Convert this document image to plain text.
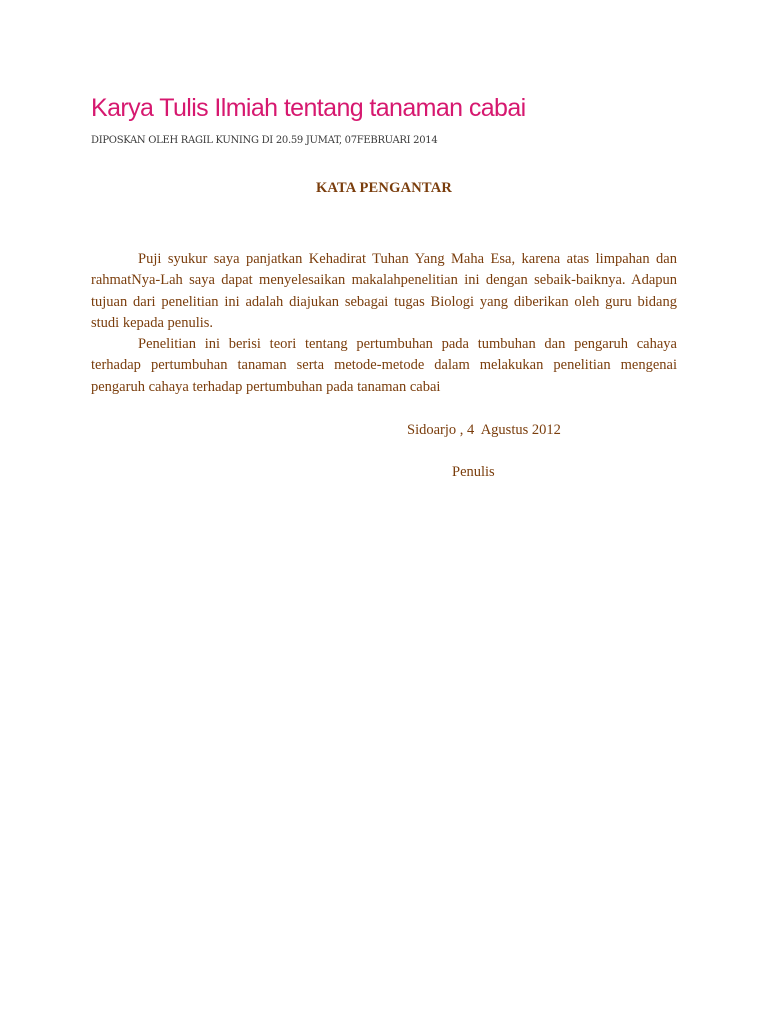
Karya Tulis Ilmiah tentang tanaman cabai
DIPOSKAN OLEH RAGIL KUNING DI 20.59 JUMAT, 07FEBRUARI 2014
KATA PENGANTAR

Puji syukur saya panjatkan Kehadirat Tuhan Yang Maha Esa, karena atas limpahan dan rahmatNya-Lah saya dapat menyelesaikan makalahpenelitian ini dengan sebaik-baiknya. Adapun tujuan dari penelitian ini adalah diajukan sebagai tugas Biologi yang diberikan oleh guru bidang studi kepada penulis.

Penelitian ini berisi teori tentang pertumbuhan pada tumbuhan dan pengaruh cahaya terhadap pertumbuhan tanaman serta metode-metode dalam melakukan penelitian mengenai pengaruh cahaya terhadap pertumbuhan pada tanaman cabai

Sidoarjo , 4  Agustus 2012
Penulis
